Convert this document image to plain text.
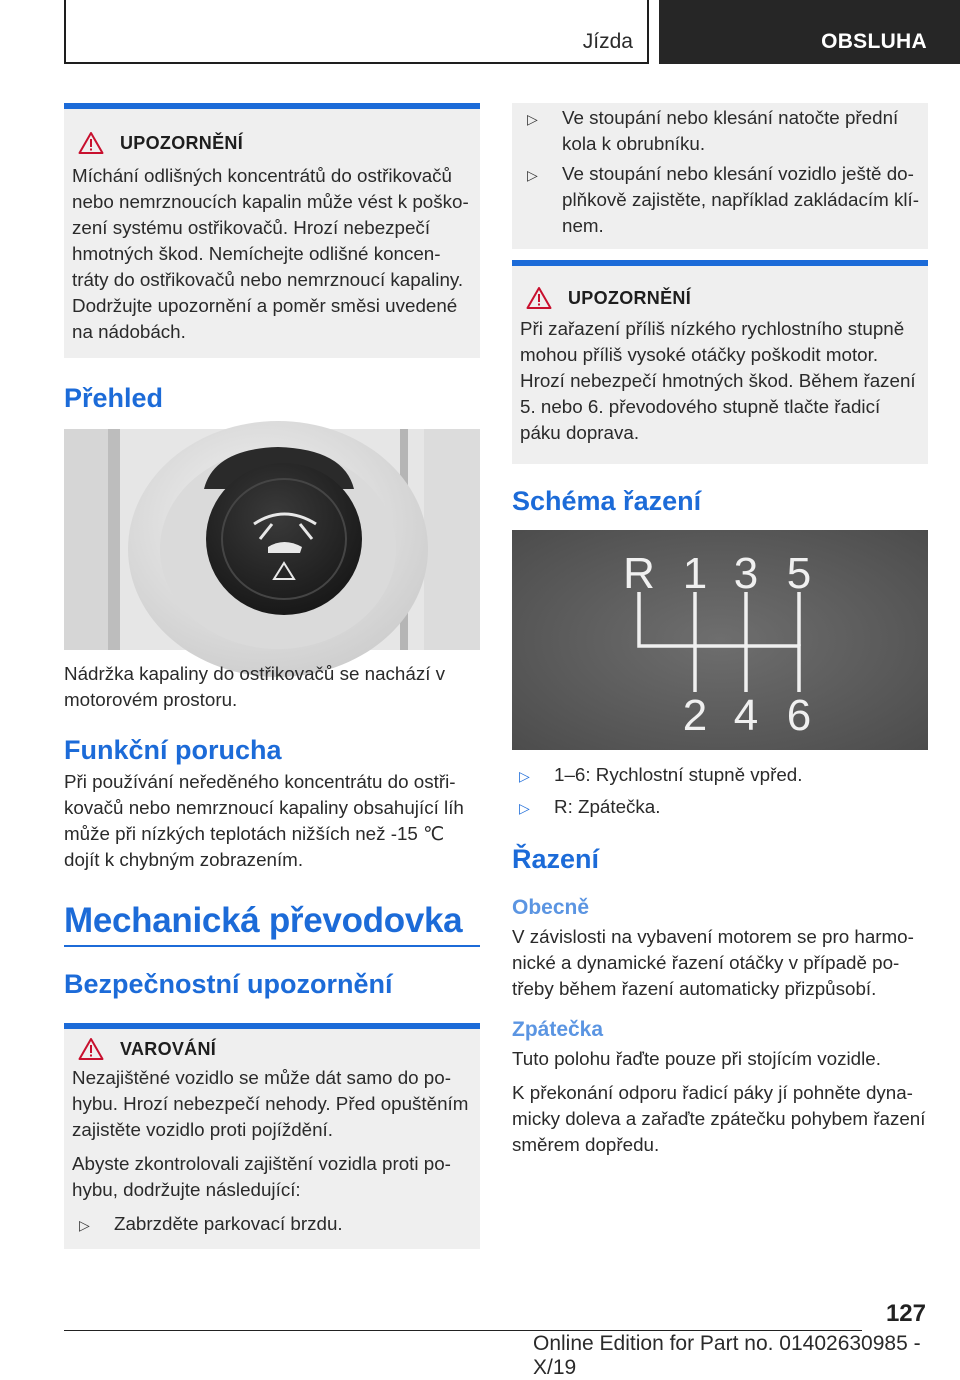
Jízda	OBSLUHA
UPOZORNĚNÍ
Míchání odlišných koncentrátů do ostřikovačů
nebo nemrznoucích kapalin může vést k poško-
zení systému ostřikovačů. Hrozí nebezpečí
hmotných škod. Nemíchejte odlišné koncen-
tráty do ostřikovačů nebo nemrznoucí kapaliny.
Dodržujte upozornění a poměr směsi uvedené
na nádobách.
Přehled
Nádržka kapaliny do ostřikovačů se nachází v
motorovém prostoru.
Funkční porucha
Při používání neředěného koncentrátu do ostři-
kovačů nebo nemrznoucí kapaliny obsahující líh
může při nízkých teplotách nižších než -15 ℃
dojít k chybným zobrazením.
Mechanická převodovka
Bezpečnostní upozornění
VAROVÁNÍ
Nezajištěné vozidlo se může dát samo do po-
hybu. Hrozí nebezpečí nehody. Před opuštěním
zajistěte vozidlo proti pojíždění.
Abyste zkontrolovali zajištění vozidla proti po-
hybu, dodržujte následující:
▷ Zabrzděte parkovací brzdu.
▷ Ve stoupání nebo klesání natočte přední
kola k obrubníku.
▷ Ve stoupání nebo klesání vozidlo ještě do-
plňkově zajistěte, například zakládacím klí-
nem.
UPOZORNĚNÍ
Při zařazení příliš nízkého rychlostního stupně
mohou příliš vysoké otáčky poškodit motor.
Hrozí nebezpečí hmotných škod. Během řazení
5. nebo 6. převodového stupně tlačte řadicí
páku doprava.
Schéma řazení
R 1 3 5
2 4 6
▷ 1–6: Rychlostní stupně vpřed.
▷ R: Zpátečka.
Řazení
Obecně
V závislosti na vybavení motorem se pro harmo-
nické a dynamické řazení otáčky v případě po-
třeby během řazení automaticky přizpůsobí.
Zpátečka
Tuto polohu řaďte pouze při stojícím vozidle.
K překonání odporu řadicí páky jí pohněte dyna-
micky doleva a zařaďte zpátečku pohybem řazení
směrem dopředu.
127
Online Edition for Part no. 01402630985 - X/19
